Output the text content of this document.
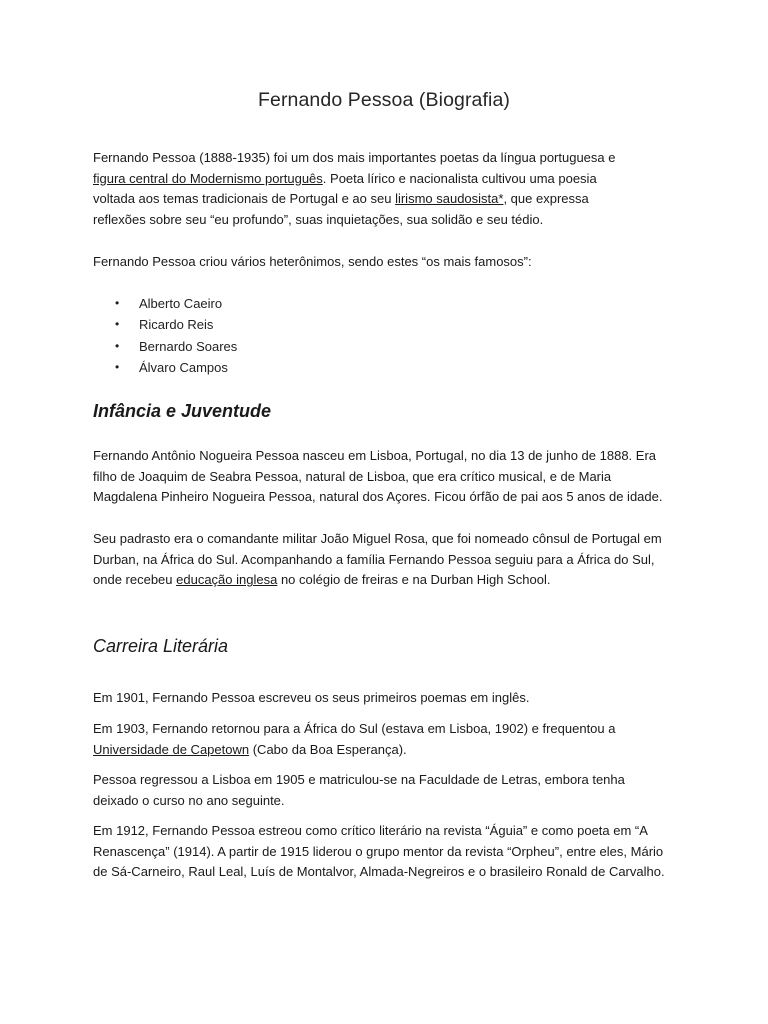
Fernando Pessoa (Biografia)

Fernando Pessoa (1888-1935) foi um dos mais importantes poetas da língua portuguesa e
figura central do Modernismo português. Poeta lírico e nacionalista cultivou uma poesia
voltada aos temas tradicionais de Portugal e ao seu lirismo saudosista*, que expressa
reflexões sobre seu “eu profundo”, suas inquietações, sua solidão e seu tédio.

Fernando Pessoa criou vários heterônimos, sendo estes “os mais famosos”:

• Alberto Caeiro
• Ricardo Reis
• Bernardo Soares
• Álvaro Campos
Infância e Juventude

Fernando Antônio Nogueira Pessoa nasceu em Lisboa, Portugal, no dia 13 de junho de 1888. Era filho de Joaquim de Seabra Pessoa, natural de Lisboa, que era crítico musical, e de Maria Magdalena Pinheiro Nogueira Pessoa, natural dos Açores. Ficou órfão de pai aos 5 anos de idade.

Seu padrasto era o comandante militar João Miguel Rosa, que foi nomeado cônsul de Portugal em Durban, na África do Sul. Acompanhando a família Fernando Pessoa seguiu para a África do Sul, onde recebeu educação inglesa no colégio de freiras e na Durban High School.

Carreira Literária

Em 1901, Fernando Pessoa escreveu os seus primeiros poemas em inglês.

Em 1903, Fernando retornou para a África do Sul (estava em Lisboa, 1902) e frequentou a Universidade de Capetown (Cabo da Boa Esperança).

Pessoa regressou a Lisboa em 1905 e matriculou-se na Faculdade de Letras, embora tenha deixado o curso no ano seguinte.

Em 1912, Fernando Pessoa estreou como crítico literário na revista “Águia” e como poeta em “A Renascença” (1914). A partir de 1915 liderou o grupo mentor da revista “Orpheu”, entre eles, Mário de Sá-Carneiro, Raul Leal, Luís de Montalvor, Almada-Negreiros e o brasileiro Ronald de Carvalho.
